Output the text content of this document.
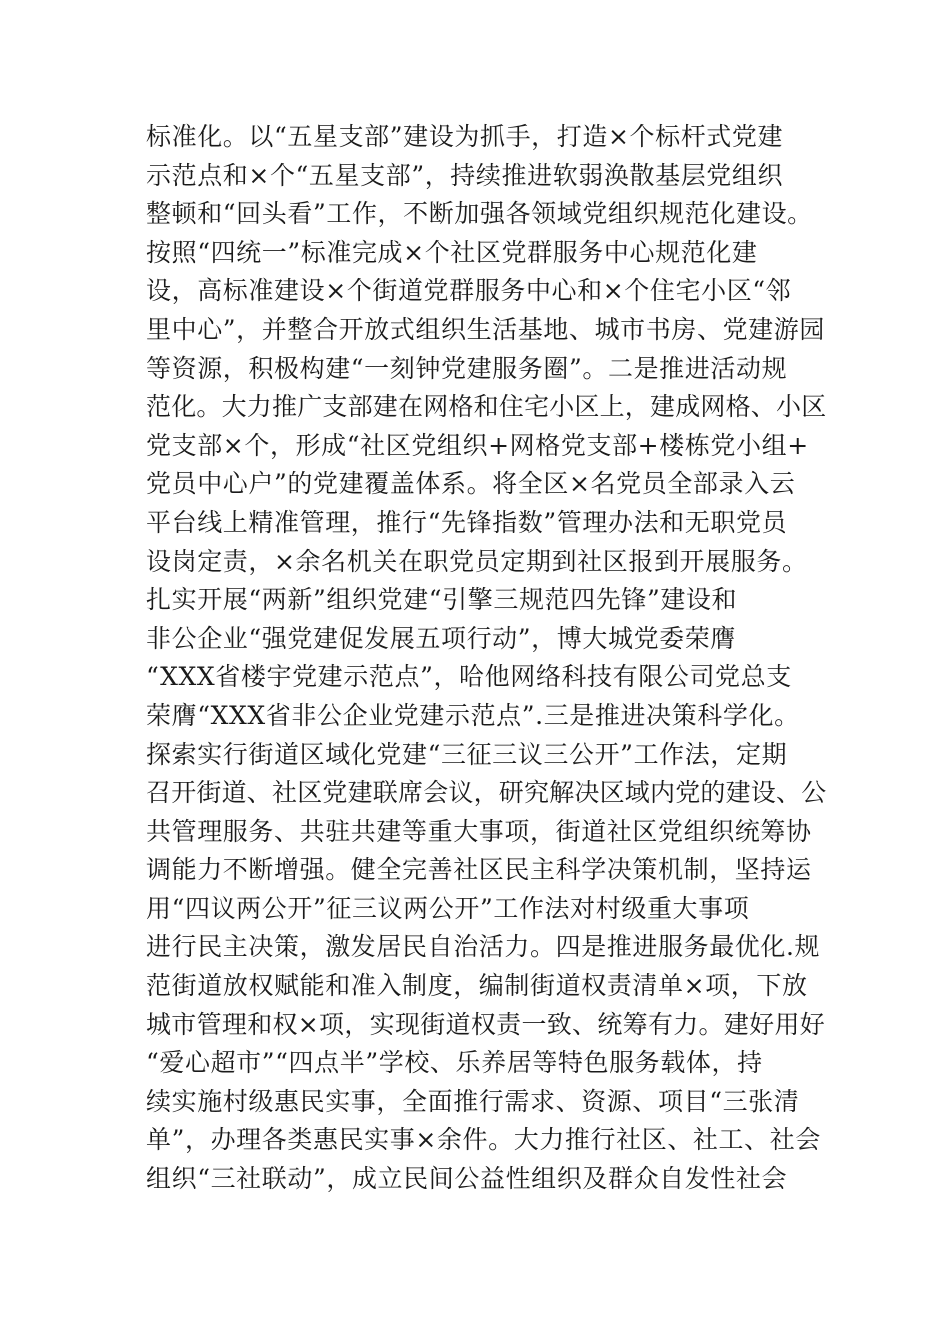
标准化。以“五星支部”建设为抓手，打造×个标杆式党建
示范点和×个“五星支部”，持续推进软弱涣散基层党组织
整顿和“回头看”工作，不断加强各领域党组织规范化建设。
按照“四统一”标准完成×个社区党群服务中心规范化建
设，高标准建设×个街道党群服务中心和×个住宅小区“邻
里中心”，并整合开放式组织生活基地、城市书房、党建游园
等资源，积极构建“一刻钟党建服务圈”。二是推进活动规
范化。大力推广支部建在网格和住宅小区上，建成网格、小区
党支部×个，形成“社区党组织+网格党支部+楼栋党小组+
党员中心户”的党建覆盖体系。将全区×名党员全部录入云
平台线上精准管理，推行“先锋指数”管理办法和无职党员
设岗定责，×余名机关在职党员定期到社区报到开展服务。
扎实开展“两新”组织党建“引擎三规范四先锋”建设和
非公企业“强党建促发展五项行动”，博大城党委荣膺
“XXX省楼宇党建示范点”，哈他网络科技有限公司党总支
荣膺“XXX省非公企业党建示范点”.三是推进决策科学化。
探索实行街道区域化党建“三征三议三公开”工作法，定期
召开街道、社区党建联席会议，研究解决区域内党的建设、公
共管理服务、共驻共建等重大事项，街道社区党组织统筹协
调能力不断增强。健全完善社区民主科学决策机制，坚持运
用“四议两公开”征三议两公开”工作法对村级重大事项
进行民主决策，激发居民自治活力。四是推进服务最优化.规
范街道放权赋能和准入制度，编制街道权责清单×项，下放
城市管理和权×项，实现街道权责一致、统筹有力。建好用好
“爱心超市”“四点半”学校、乐养居等特色服务载体，持
续实施村级惠民实事，全面推行需求、资源、项目“三张清
单”，办理各类惠民实事×余件。大力推行社区、社工、社会
组织“三社联动”，成立民间公益性组织及群众自发性社会
